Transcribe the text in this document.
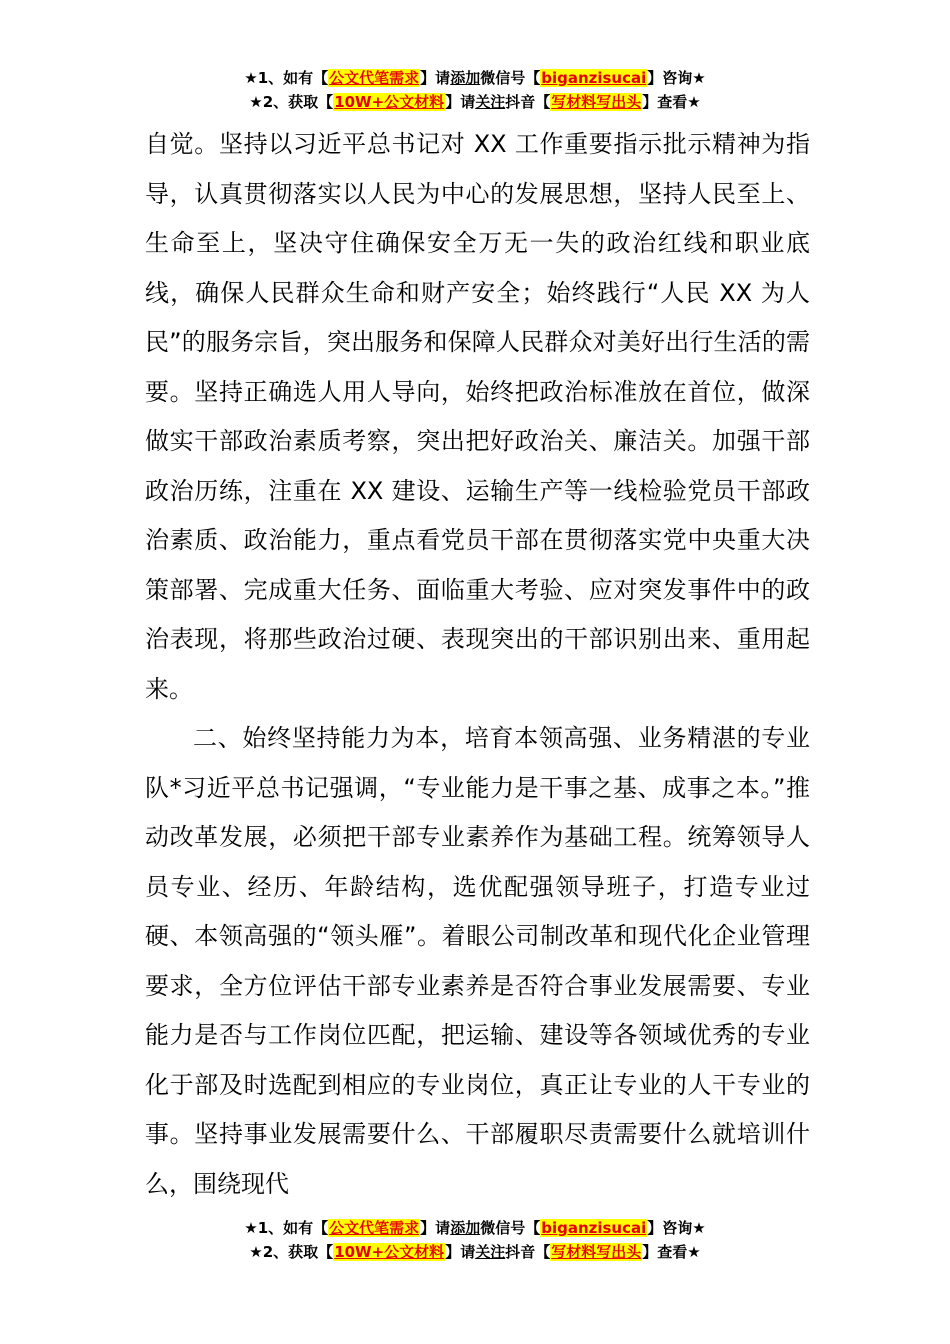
★1、如有【公文代笔需求】请添加微信号【biganzisucai】咨询★
★2、获取【10W+公文材料】请关注抖音【写材料写出头】查看★

自觉。坚持以习近平总书记对 XX 工作重要指示批示精神为指导，认真贯彻落实以人民为中心的发展思想，坚持人民至上、生命至上，坚决守住确保安全万无一失的政治红线和职业底线，确保人民群众生命和财产安全；始终践行“人民 XX 为人民”的服务宗旨，突出服务和保障人民群众对美好出行生活的需要。坚持正确选人用人导向，始终把政治标准放在首位，做深做实干部政治素质考察，突出把好政治关、廉洁关。加强干部政治历练，注重在 XX 建设、运输生产等一线检验党员干部政治素质、政治能力，重点看党员干部在贯彻落实党中央重大决策部署、完成重大任务、面临重大考验、应对突发事件中的政治表现，将那些政治过硬、表现突出的干部识别出来、重用起来。

二、始终坚持能力为本，培育本领高强、业务精湛的专业队*习近平总书记强调，“专业能力是干事之基、成事之本。”推动改革发展，必须把干部专业素养作为基础工程。统筹领导人员专业、经历、年龄结构，选优配强领导班子，打造专业过硬、本领高强的“领头雁”。着眼公司制改革和现代化企业管理要求，全方位评估干部专业素养是否符合事业发展需要、专业能力是否与工作岗位匹配，把运输、建设等各领域优秀的专业化于部及时选配到相应的专业岗位，真正让专业的人干专业的事。坚持事业发展需要什么、干部履职尽责需要什么就培训什么，围绕现代

★1、如有【公文代笔需求】请添加微信号【biganzisucai】咨询★
★2、获取【10W+公文材料】请关注抖音【写材料写出头】查看★
